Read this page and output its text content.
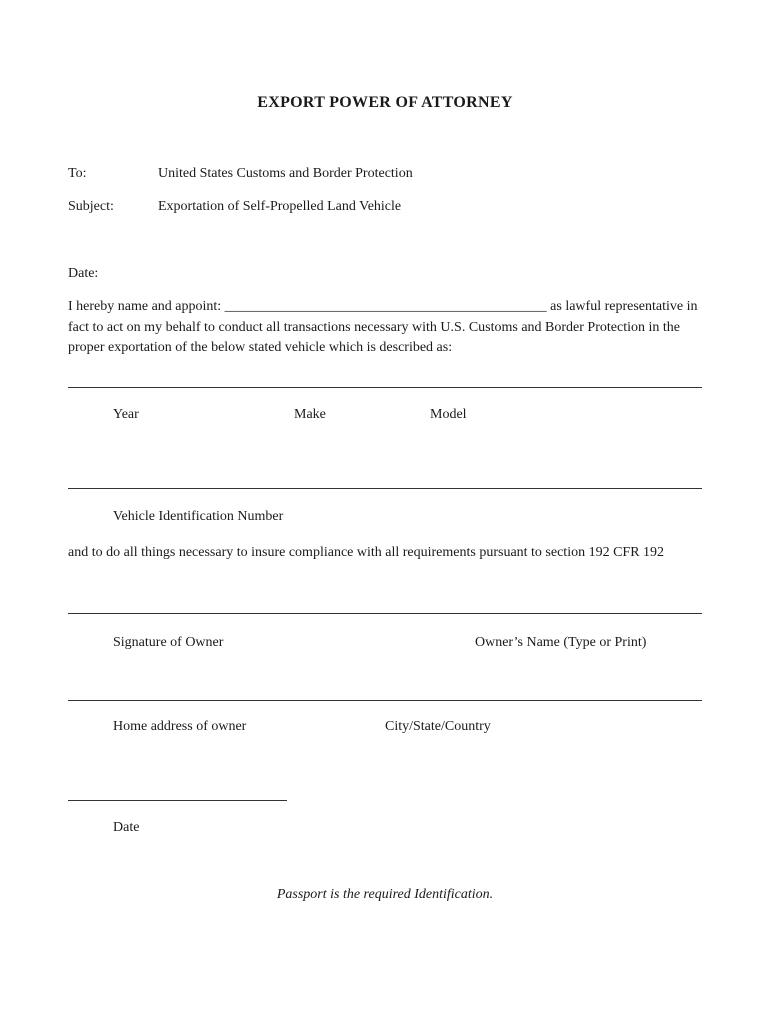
EXPORT POWER OF ATTORNEY
To:	United States Customs and Border Protection
Subject:	Exportation of Self-Propelled Land Vehicle
Date:
I hereby name and appoint: ______________________________________________ as lawful representative in fact to act on my behalf to conduct all transactions necessary with U.S. Customs and Border Protection in the proper exportation of the below stated vehicle which is described as:
Year	Make	Model
Vehicle Identification Number
and to do all things necessary to insure compliance with all requirements pursuant to section 192 CFR 192
Signature of Owner	Owner’s Name (Type or Print)
Home address of owner	City/State/Country
Date
Passport is the required Identification.
